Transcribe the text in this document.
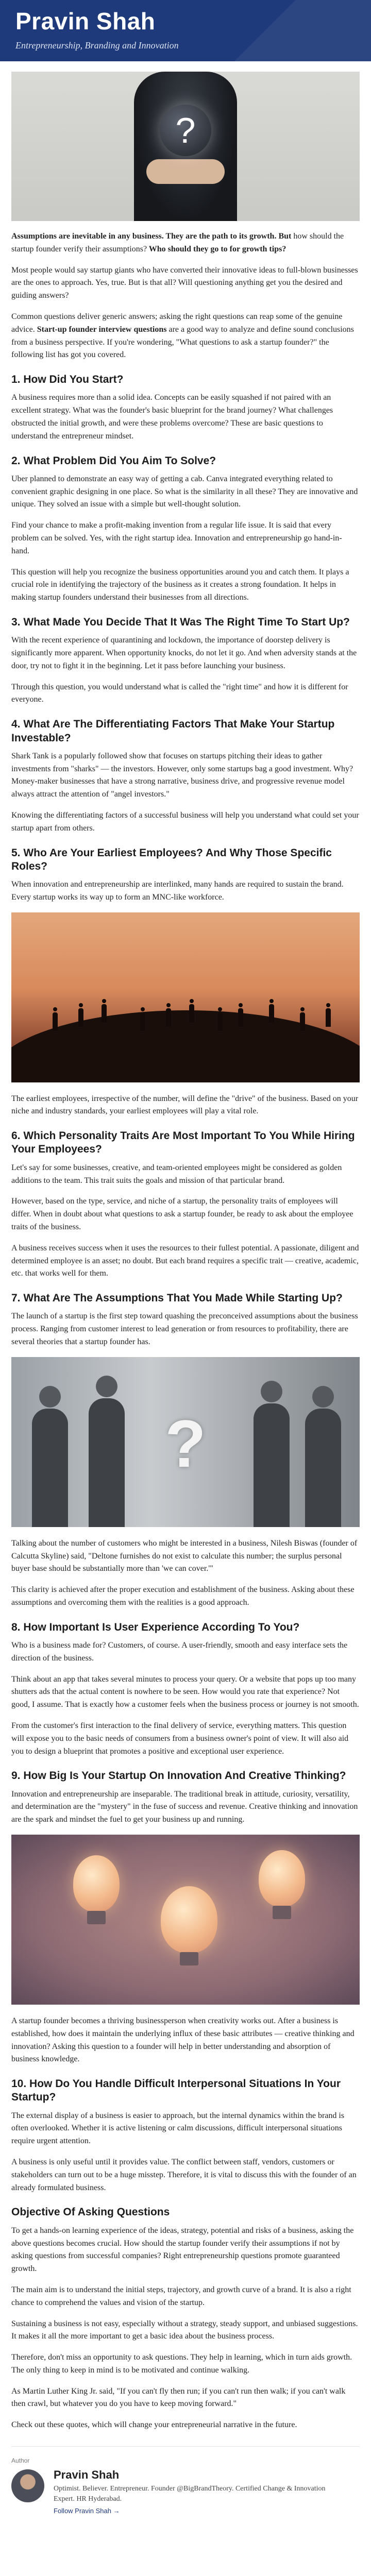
Pravin Shah
Entrepreneurship, Branding and Innovation
?

Assumptions are inevitable in any business. They are the path to its growth. But how should the startup founder verify their assumptions? Who should they go to for growth tips?

Most people would say startup giants who have converted their innovative ideas to full-blown businesses are the ones to approach. Yes, true. But is that all? Will questioning anything get you the desired and guiding answers?

Common questions deliver generic answers; asking the right questions can reap some of the genuine advice. Start-up founder interview questions are a good way to analyze and define sound conclusions from a business perspective. If you're wondering, "What questions to ask a startup founder?" the following list has got you covered.

1. How Did You Start?

A business requires more than a solid idea. Concepts can be easily squashed if not paired with an excellent strategy. What was the founder's basic blueprint for the brand journey? What challenges obstructed the initial growth, and were these problems overcome? These are basic questions to understand the entrepreneur mindset.

2. What Problem Did You Aim To Solve?

Uber planned to demonstrate an easy way of getting a cab. Canva integrated everything related to convenient graphic designing in one place. So what is the similarity in all these? They are innovative and unique. They solved an issue with a simple but well-thought solution.

Find your chance to make a profit-making invention from a regular life issue. It is said that every problem can be solved. Yes, with the right startup idea. Innovation and entrepreneurship go hand-in-hand.

This question will help you recognize the business opportunities around you and catch them. It plays a crucial role in identifying the trajectory of the business as it creates a strong foundation. It helps in making startup founders understand their businesses from all directions.

3. What Made You Decide That It Was The Right Time To Start Up?

With the recent experience of quarantining and lockdown, the importance of doorstep delivery is significantly more apparent. When opportunity knocks, do not let it go. And when adversity stands at the door, try not to fight it in the beginning. Let it pass before launching your business.

Through this question, you would understand what is called the "right time" and how it is different for everyone.

4. What Are The Differentiating Factors That Make Your Startup Investable?

Shark Tank is a popularly followed show that focuses on startups pitching their ideas to gather investments from "sharks" — the investors. However, only some startups bag a good investment. Why? Money-maker businesses that have a strong narrative, business drive, and progressive revenue model always attract the attention of "angel investors."

Knowing the differentiating factors of a successful business will help you understand what could set your startup apart from others.

5. Who Are Your Earliest Employees? And Why Those Specific Roles?

When innovation and entrepreneurship are interlinked, many hands are required to sustain the brand. Every startup works its way up to form an MNC-like workforce.

The earliest employees, irrespective of the number, will define the "drive" of the business. Based on your niche and industry standards, your earliest employees will play a vital role.

6. Which Personality Traits Are Most Important To You While Hiring Your Employees?

Let's say for some businesses, creative, and team-oriented employees might be considered as golden additions to the team. This trait suits the goals and mission of that particular brand.

However, based on the type, service, and niche of a startup, the personality traits of employees will differ. When in doubt about what questions to ask a startup founder, be ready to ask about the employee traits of the business.

A business receives success when it uses the resources to their fullest potential. A passionate, diligent and determined employee is an asset; no doubt. But each brand requires a specific trait — creative, academic, etc. that works well for them.

7. What Are The Assumptions That You Made While Starting Up?

The launch of a startup is the first step toward quashing the preconceived assumptions about the business process. Ranging from customer interest to lead generation or from resources to profitability, there are several theories that a startup founder has.

?

Talking about the number of customers who might be interested in a business, Nilesh Biswas (founder of Calcutta Skyline) said, "Deltone furnishes do not exist to calculate this number; the surplus personal buyer base should be substantially more than 'we can cover.'"

This clarity is achieved after the proper execution and establishment of the business. Asking about these assumptions and overcoming them with the realities is a good approach.

8. How Important Is User Experience According To You?

Who is a business made for? Customers, of course. A user-friendly, smooth and easy interface sets the direction of the business.

Think about an app that takes several minutes to process your query. Or a website that pops up too many shutters ads that the actual content is nowhere to be seen. How would you rate that experience? Not good, I assume. That is exactly how a customer feels when the business process or journey is not smooth.

From the customer's first interaction to the final delivery of service, everything matters. This question will expose you to the basic needs of consumers from a business owner's point of view. It will also aid you to design a blueprint that promotes a positive and exceptional user experience.

9. How Big Is Your Startup On Innovation And Creative Thinking?

Innovation and entrepreneurship are inseparable. The traditional break in attitude, curiosity, versatility, and determination are the "mystery" in the fuse of success and revenue. Creative thinking and innovation are the spark and mindset the fuel to get your business up and running.

A startup founder becomes a thriving businessperson when creativity works out. After a business is established, how does it maintain the underlying influx of these basic attributes — creative thinking and innovation? Asking this question to a founder will help in better understanding and absorption of business knowledge.

10. How Do You Handle Difficult Interpersonal Situations In Your Startup?

The external display of a business is easier to approach, but the internal dynamics within the brand is often overlooked. Whether it is active listening or calm discussions, difficult interpersonal situations require urgent attention.

A business is only useful until it provides value. The conflict between staff, vendors, customers or stakeholders can turn out to be a huge misstep. Therefore, it is vital to discuss this with the founder of an already formulated business.

Objective Of Asking Questions

To get a hands-on learning experience of the ideas, strategy, potential and risks of a business, asking the above questions becomes crucial. How should the startup founder verify their assumptions if not by asking questions from successful companies? Right entrepreneurship questions promote guaranteed growth.

The main aim is to understand the initial steps, trajectory, and growth curve of a brand. It is also a right chance to comprehend the values and vision of the startup.

Sustaining a business is not easy, especially without a strategy, steady support, and unbiased suggestions. It makes it all the more important to get a basic idea about the business process.

Therefore, don't miss an opportunity to ask questions. They help in learning, which in turn aids growth. The only thing to keep in mind is to be motivated and continue walking.

As Martin Luther King Jr. said, "If you can't fly then run; if you can't run then walk; if you can't walk then crawl, but whatever you do you have to keep moving forward."

Check out these quotes, which will change your entrepreneurial narrative in the future.

Author
Pravin Shah
Optimist. Believer. Entrepreneur. Founder @BigBrandTheory. Certified Change & Innovation Expert. HR Hyderabad.
Follow Pravin Shah →
